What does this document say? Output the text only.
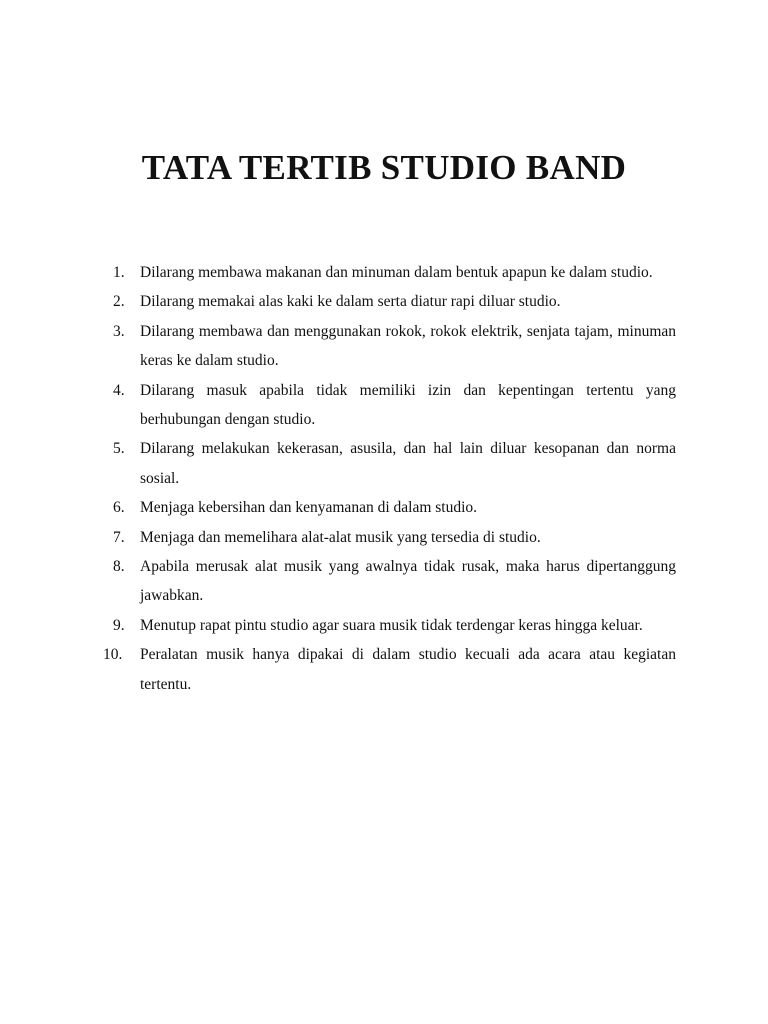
TATA TERTIB STUDIO BAND
1. Dilarang membawa makanan dan minuman dalam bentuk apapun ke dalam studio.
2. Dilarang memakai alas kaki ke dalam serta diatur rapi diluar studio.
3. Dilarang membawa dan menggunakan rokok, rokok elektrik, senjata tajam, minuman keras ke dalam studio.
4. Dilarang masuk apabila tidak memiliki izin dan kepentingan tertentu yang berhubungan dengan studio.
5. Dilarang melakukan kekerasan, asusila, dan hal lain diluar kesopanan dan norma sosial.
6. Menjaga kebersihan dan kenyamanan di dalam studio.
7. Menjaga dan memelihara alat-alat musik yang tersedia di studio.
8. Apabila merusak alat musik yang awalnya tidak rusak, maka harus dipertanggung jawabkan.
9. Menutup rapat pintu studio agar suara musik tidak terdengar keras hingga keluar.
10. Peralatan musik hanya dipakai di dalam studio kecuali ada acara atau kegiatan tertentu.
